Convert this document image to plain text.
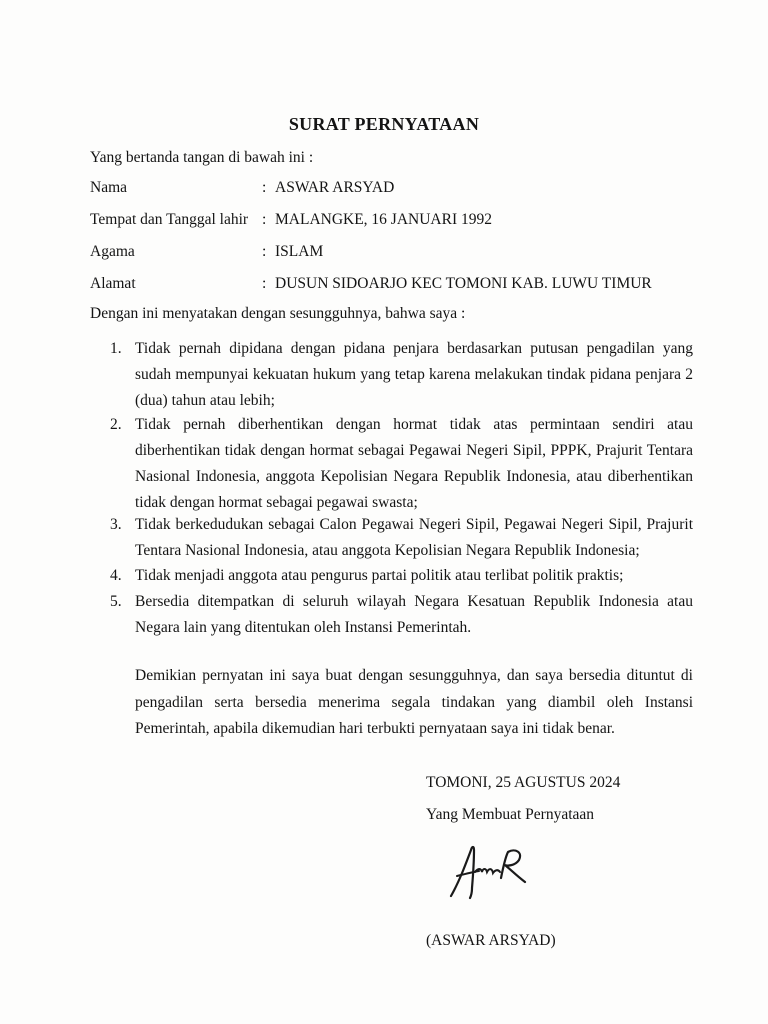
SURAT PERNYATAAN
Yang bertanda tangan di bawah ini :
Nama	: ASWAR ARSYAD
Tempat dan Tanggal lahir : MALANGKE, 16 JANUARI 1992
Agama	: ISLAM
Alamat	: DUSUN SIDOARJO KEC TOMONI KAB. LUWU TIMUR
Dengan ini menyatakan dengan sesungguhnya, bahwa saya :
1. Tidak pernah dipidana dengan pidana penjara berdasarkan putusan pengadilan yang sudah mempunyai kekuatan hukum yang tetap karena melakukan tindak pidana penjara 2 (dua) tahun atau lebih;
2. Tidak pernah diberhentikan dengan hormat tidak atas permintaan sendiri atau diberhentikan tidak dengan hormat sebagai Pegawai Negeri Sipil, PPPK, Prajurit Tentara Nasional Indonesia, anggota Kepolisian Negara Republik Indonesia, atau diberhentikan tidak dengan hormat sebagai pegawai swasta;
3. Tidak berkedudukan sebagai Calon Pegawai Negeri Sipil, Pegawai Negeri Sipil, Prajurit Tentara Nasional Indonesia, atau anggota Kepolisian Negara Republik Indonesia;
4. Tidak menjadi anggota atau pengurus partai politik atau terlibat politik praktis;
5. Bersedia ditempatkan di seluruh wilayah Negara Kesatuan Republik Indonesia atau Negara lain yang ditentukan oleh Instansi Pemerintah.
Demikian pernyatan ini saya buat dengan sesungguhnya, dan saya bersedia dituntut di pengadilan serta bersedia menerima segala tindakan yang diambil oleh Instansi Pemerintah, apabila dikemudian hari terbukti pernyataan saya ini tidak benar.
TOMONI, 25 AGUSTUS 2024
Yang Membuat Pernyataan
(ASWAR ARSYAD)
